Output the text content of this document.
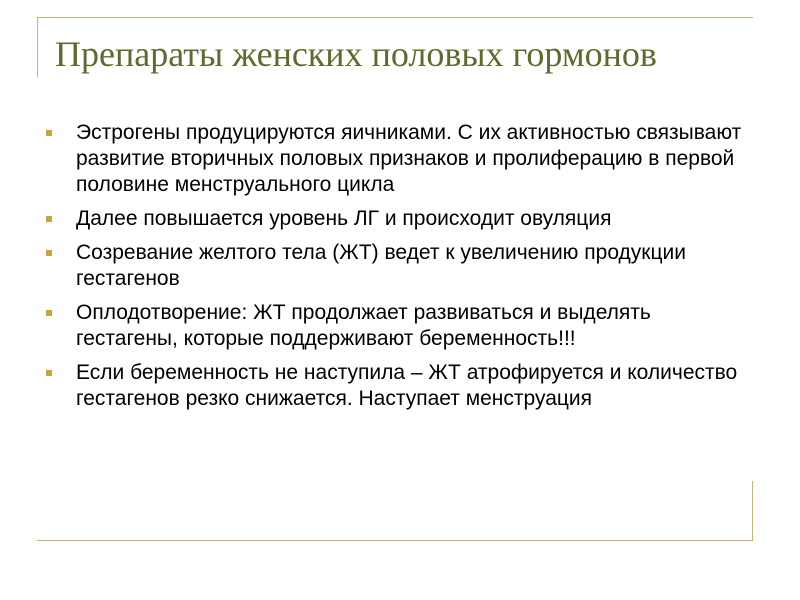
Препараты женских половых гормонов
Эстрогены продуцируются яичниками. С их активностью связывают развитие вторичных половых признаков и пролиферацию в первой половине менструального цикла
Далее повышается уровень ЛГ и происходит овуляция
Созревание желтого тела (ЖТ) ведет к увеличению продукции гестагенов
Оплодотворение: ЖТ продолжает развиваться и выделять гестагены, которые поддерживают беременность!!!
Если беременность не наступила – ЖТ атрофируется и количество гестагенов резко снижается. Наступает менструация
